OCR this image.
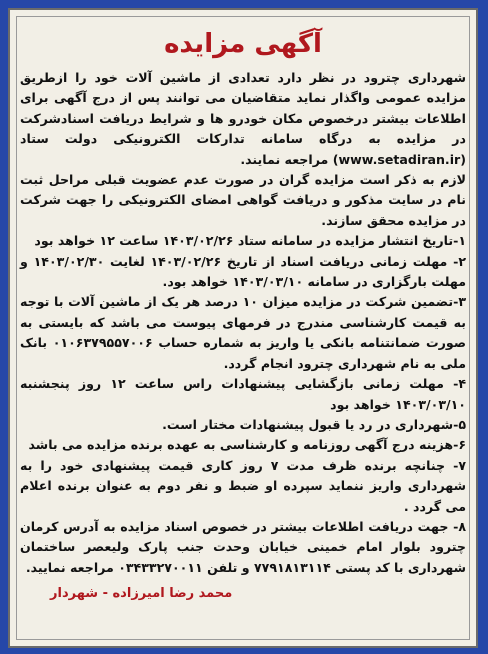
آگهی مزایده

شهرداری چترود در نظر دارد تعدادی از ماشین آلات خود را ازطریق مزایده عمومی واگذار نماید متقاضیان می توانند پس از درج آگهی برای اطلاعات بیشتر درخصوص مکان خودرو ها و شرایط دریافت اسنادشرکت در مزایده به درگاه سامانه تدارکات الکترونیکی دولت ستاد (www.setadiran.ir) مراجعه نمایند.

لازم به ذکر است مزایده گران در صورت عدم عضویت قبلی مراحل ثبت نام در سایت مذکور و دریافت گواهی امضای الکترونیکی را جهت شرکت در مزایده محقق سازند.

۱-تاریخ انتشار مزایده در سامانه ستاد ۱۴۰۳/۰۲/۲۶ ساعت ۱۲ خواهد بود

۲- مهلت زمانی دریافت اسناد از تاریخ ۱۴۰۳/۰۲/۲۶ لغایت ۱۴۰۳/۰۲/۳۰ و مهلت بارگزاری در سامانه ۱۴۰۳/۰۳/۱۰ خواهد بود.

۳-تضمین شرکت در مزایده میزان ۱۰ درصد هر یک از ماشین آلات با توجه به قیمت کارشناسی مندرج در فرمهای پیوست می باشد که بایستی به صورت ضمانتنامه بانکی یا واریز به شماره حساب ۰۱۰۶۳۷۹۵۵۷۰۰۶ بانک ملی به نام شهرداری چترود انجام گردد.

۴- مهلت زمانی بازگشایی پیشنهادات راس ساعت ۱۲ روز پنجشنبه ۱۴۰۳/۰۳/۱۰ خواهد بود

۵-شهرداری در رد یا قبول پیشنهادات مختار است.

۶-هزینه درج آگهی روزنامه و کارشناسی به عهده برنده مزایده می باشد

۷- چنانچه برنده ظرف مدت ۷ روز کاری قیمت پیشنهادی خود را به شهرداری واریز ننماید سپرده او ضبط و نفر دوم به عنوان برنده اعلام می گردد .

۸- جهت دریافت اطلاعات بیشتر در خصوص اسناد مزایده به آدرس کرمان چترود بلوار امام خمینی خیابان وحدت جنب پارک ولیعصر ساختمان شهرداری با کد پستی ۷۷۹۱۸۱۳۱۱۴ و تلفن ۰۳۴۳۳۲۷۰۰۱۱ مراجعه نمایید.

محمد رضا امیرزاده - شهردار
